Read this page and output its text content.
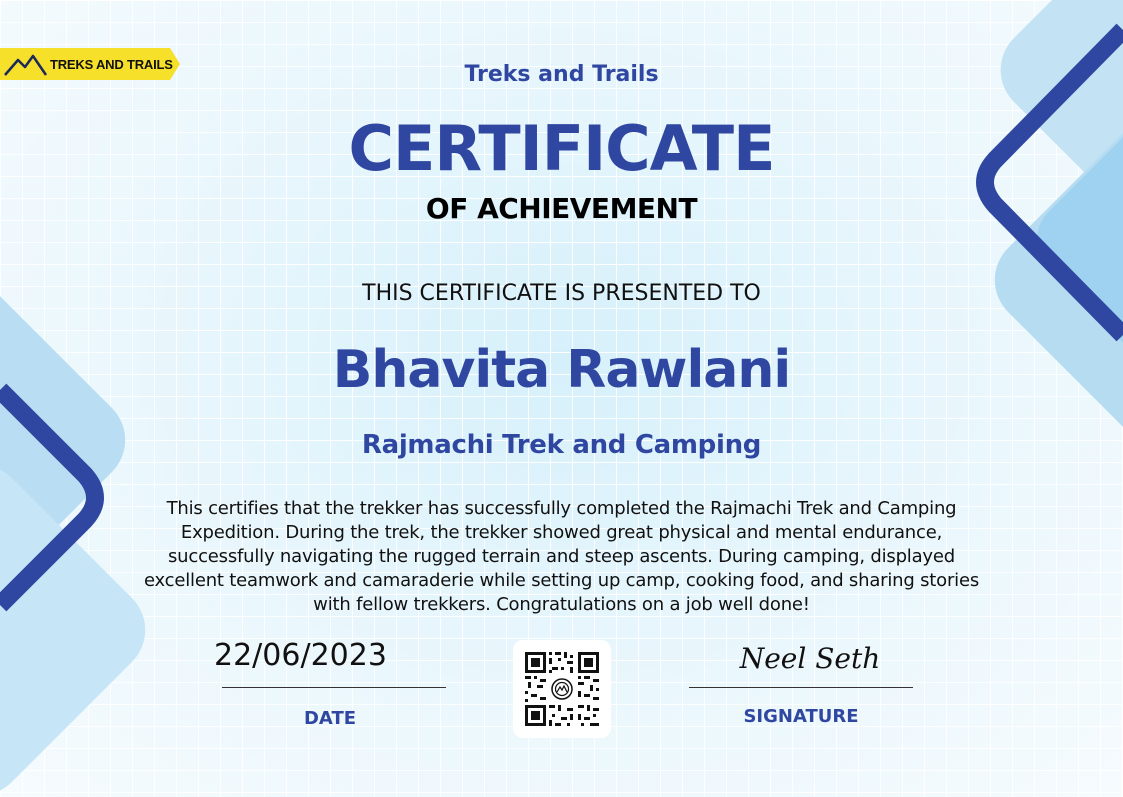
TREKS AND TRAILS	Treks and Trails
CERTIFICATE
OF ACHIEVEMENT
THIS CERTIFICATE IS PRESENTED TO
Bhavita Rawlani
Rajmachi Trek and Camping
This certifies that the trekker has successfully completed the Rajmachi Trek and Camping Expedition. During the trek, the trekker showed great physical and mental endurance, successfully navigating the rugged terrain and steep ascents. During camping, displayed excellent teamwork and camaraderie while setting up camp, cooking food, and sharing stories with fellow trekkers. Congratulations on a job well done!
22/06/2023
DATE
Neel Seth
SIGNATURE
